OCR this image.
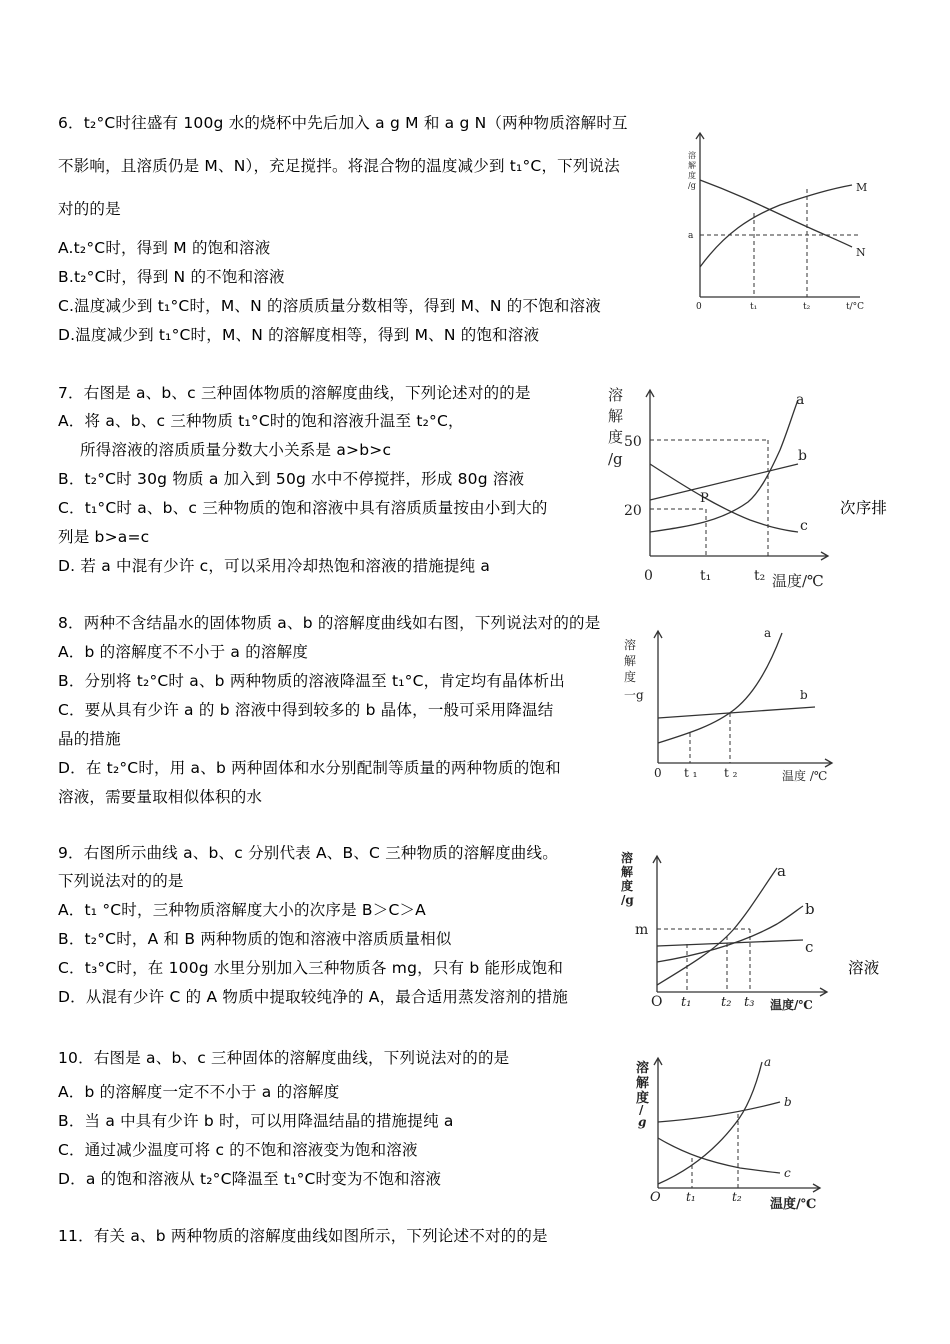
6．t₂°C时往盛有 100g 水的烧杯中先后加入 a g M 和 a g N（两种物质溶解时互
不影响，且溶质仍是 M、N），充足搅拌。将混合物的温度减少到 t₁°C，下列说法
对的的是
A.t₂°C时，得到 M 的饱和溶液
B.t₂°C时，得到 N 的不饱和溶液
C.温度减少到 t₁°C时，M、N 的溶质质量分数相等，得到 M、N 的不饱和溶液
D.温度减少到 t₁°C时，M、N 的溶解度相等，得到 M、N 的饱和溶液
溶
解
度
/g
a
0	t₁	t₂	t/°C
M
N
7．右图是 a、b、c 三种固体物质的溶解度曲线，下列论述对的的是
A．将 a、b、c 三种物质 t₁°C时的饱和溶液升温至 t₂°C，
所得溶液的溶质质量分数大小关系是 a>b>c
B．t₂°C时 30g 物质 a 加入到 50g 水中不停搅拌，形成 80g 溶液
C．t₁°C时 a、b、c 三种物质的饱和溶液中具有溶质质量按由小到大的	次序排
列是 b>a=c
D. 若 a 中混有少许 c，可以采用冷却热饱和溶液的措施提纯 a
溶
解
度
/g
50
20
0	t₁	t₂ 温度/℃
a
b
c
P
8．两种不含结晶水的固体物质 a、b 的溶解度曲线如右图，下列说法对的的是
A．b 的溶解度不不小于 a 的溶解度
B．分别将 t₂°C时 a、b 两种物质的溶液降温至 t₁°C，肯定均有晶体析出
C．要从具有少许 a 的 b 溶液中得到较多的 b 晶体，一般可采用降温结
晶的措施
D．在 t₂°C时，用 a、b 两种固体和水分别配制等质量的两种物质的饱和
溶液，需要量取相似体积的水
溶
解
度
一g
0 t ₁ t ₂	温度 /℃
a
b
9．右图所示曲线 a、b、c 分别代表 A、B、C 三种物质的溶解度曲线。
下列说法对的的是
A．t₁ °C时，三种物质溶解度大小的次序是 B＞C＞A
B．t₂°C时，A 和 B 两种物质的饱和溶液中溶质质量相似
C．t₃°C时，在 100g 水里分别加入三种物质各 mg，只有 b 能形成饱和	溶液
D．从混有少许 C 的 A 物质中提取较纯净的 A，最合适用蒸发溶剂的措施
溶
解
度
/g
m
O t₁ t₂ t₃ 温度/℃
a
b
c
10．右图是 a、b、c 三种固体的溶解度曲线，下列说法对的的是
A．b 的溶解度一定不不小于 a 的溶解度
B．当 a 中具有少许 b 时，可以用降温结晶的措施提纯 a
C．通过减少温度可将 c 的不饱和溶液变为饱和溶液
D．a 的饱和溶液从 t₂°C降温至 t₁°C时变为不饱和溶液
溶
解
度
/
g
O t₁	t₂ 温度/℃
a
b
c
11．有关 a、b 两种物质的溶解度曲线如图所示，下列论述不对的的是
